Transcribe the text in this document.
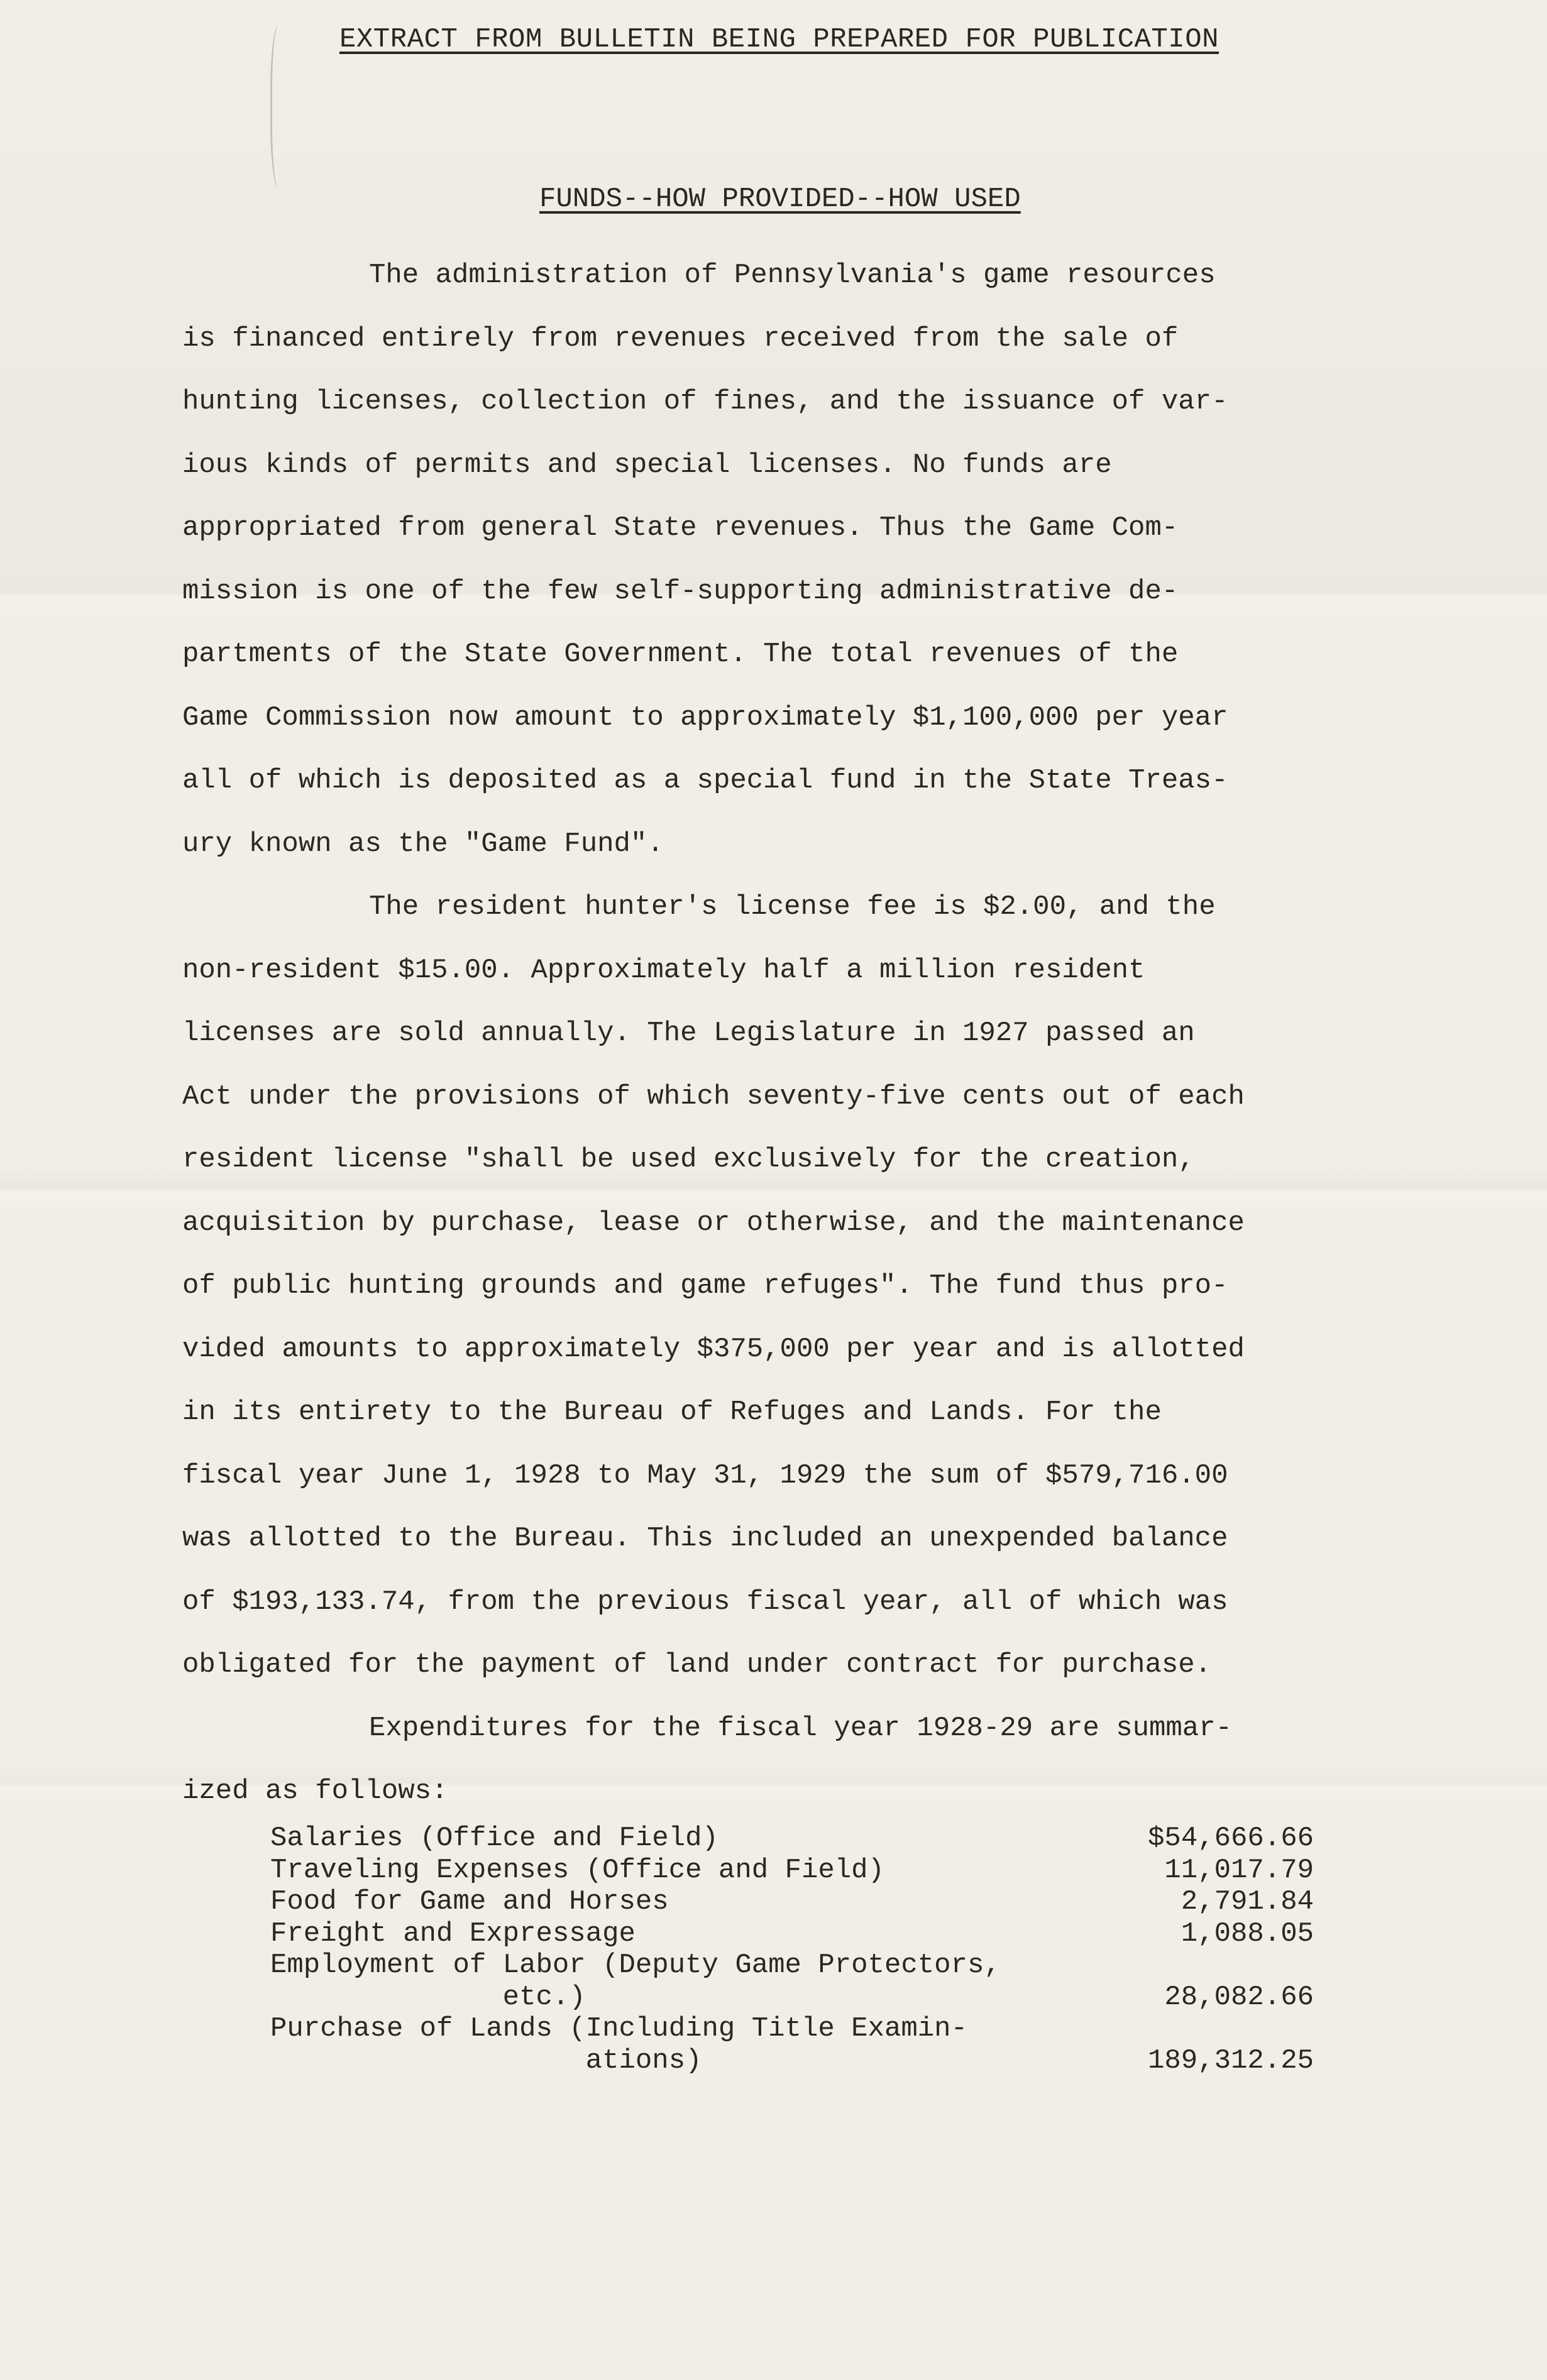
EXTRACT FROM BULLETIN BEING PREPARED FOR PUBLICATION
FUNDS--HOW PROVIDED--HOW USED
The administration of Pennsylvania's game resources
is financed entirely from revenues received from the sale of
hunting licenses, collection of fines, and the issuance of var-
ious kinds of permits and special licenses. No funds are
appropriated from general State revenues. Thus the Game Com-
mission is one of the few self-supporting administrative de-
partments of the State Government. The total revenues of the
Game Commission now amount to approximately $1,100,000 per year
all of which is deposited as a special fund in the State Treas-
ury known as the "Game Fund".
The resident hunter's license fee is $2.00, and the
non-resident $15.00. Approximately half a million resident
licenses are sold annually. The Legislature in 1927 passed an
Act under the provisions of which seventy-five cents out of each
resident license "shall be used exclusively for the creation,
acquisition by purchase, lease or otherwise, and the maintenance
of public hunting grounds and game refuges". The fund thus pro-
vided amounts to approximately $375,000 per year and is allotted
in its entirety to the Bureau of Refuges and Lands. For the
fiscal year June 1, 1928 to May 31, 1929 the sum of $579,716.00
was allotted to the Bureau. This included an unexpended balance
of $193,133.74, from the previous fiscal year, all of which was
obligated for the payment of land under contract for purchase.
Expenditures for the fiscal year 1928-29 are summar-
ized as follows:
Salaries (Office and Field)	$54,666.66
Traveling Expenses (Office and Field)	11,017.79
Food for Game and Horses	2,791.84
Freight and Expressage	1,088.05
Employment of Labor (Deputy Game Protectors,
etc.)	28,082.66
Purchase of Lands (Including Title Examin-
ations)	189,312.25
